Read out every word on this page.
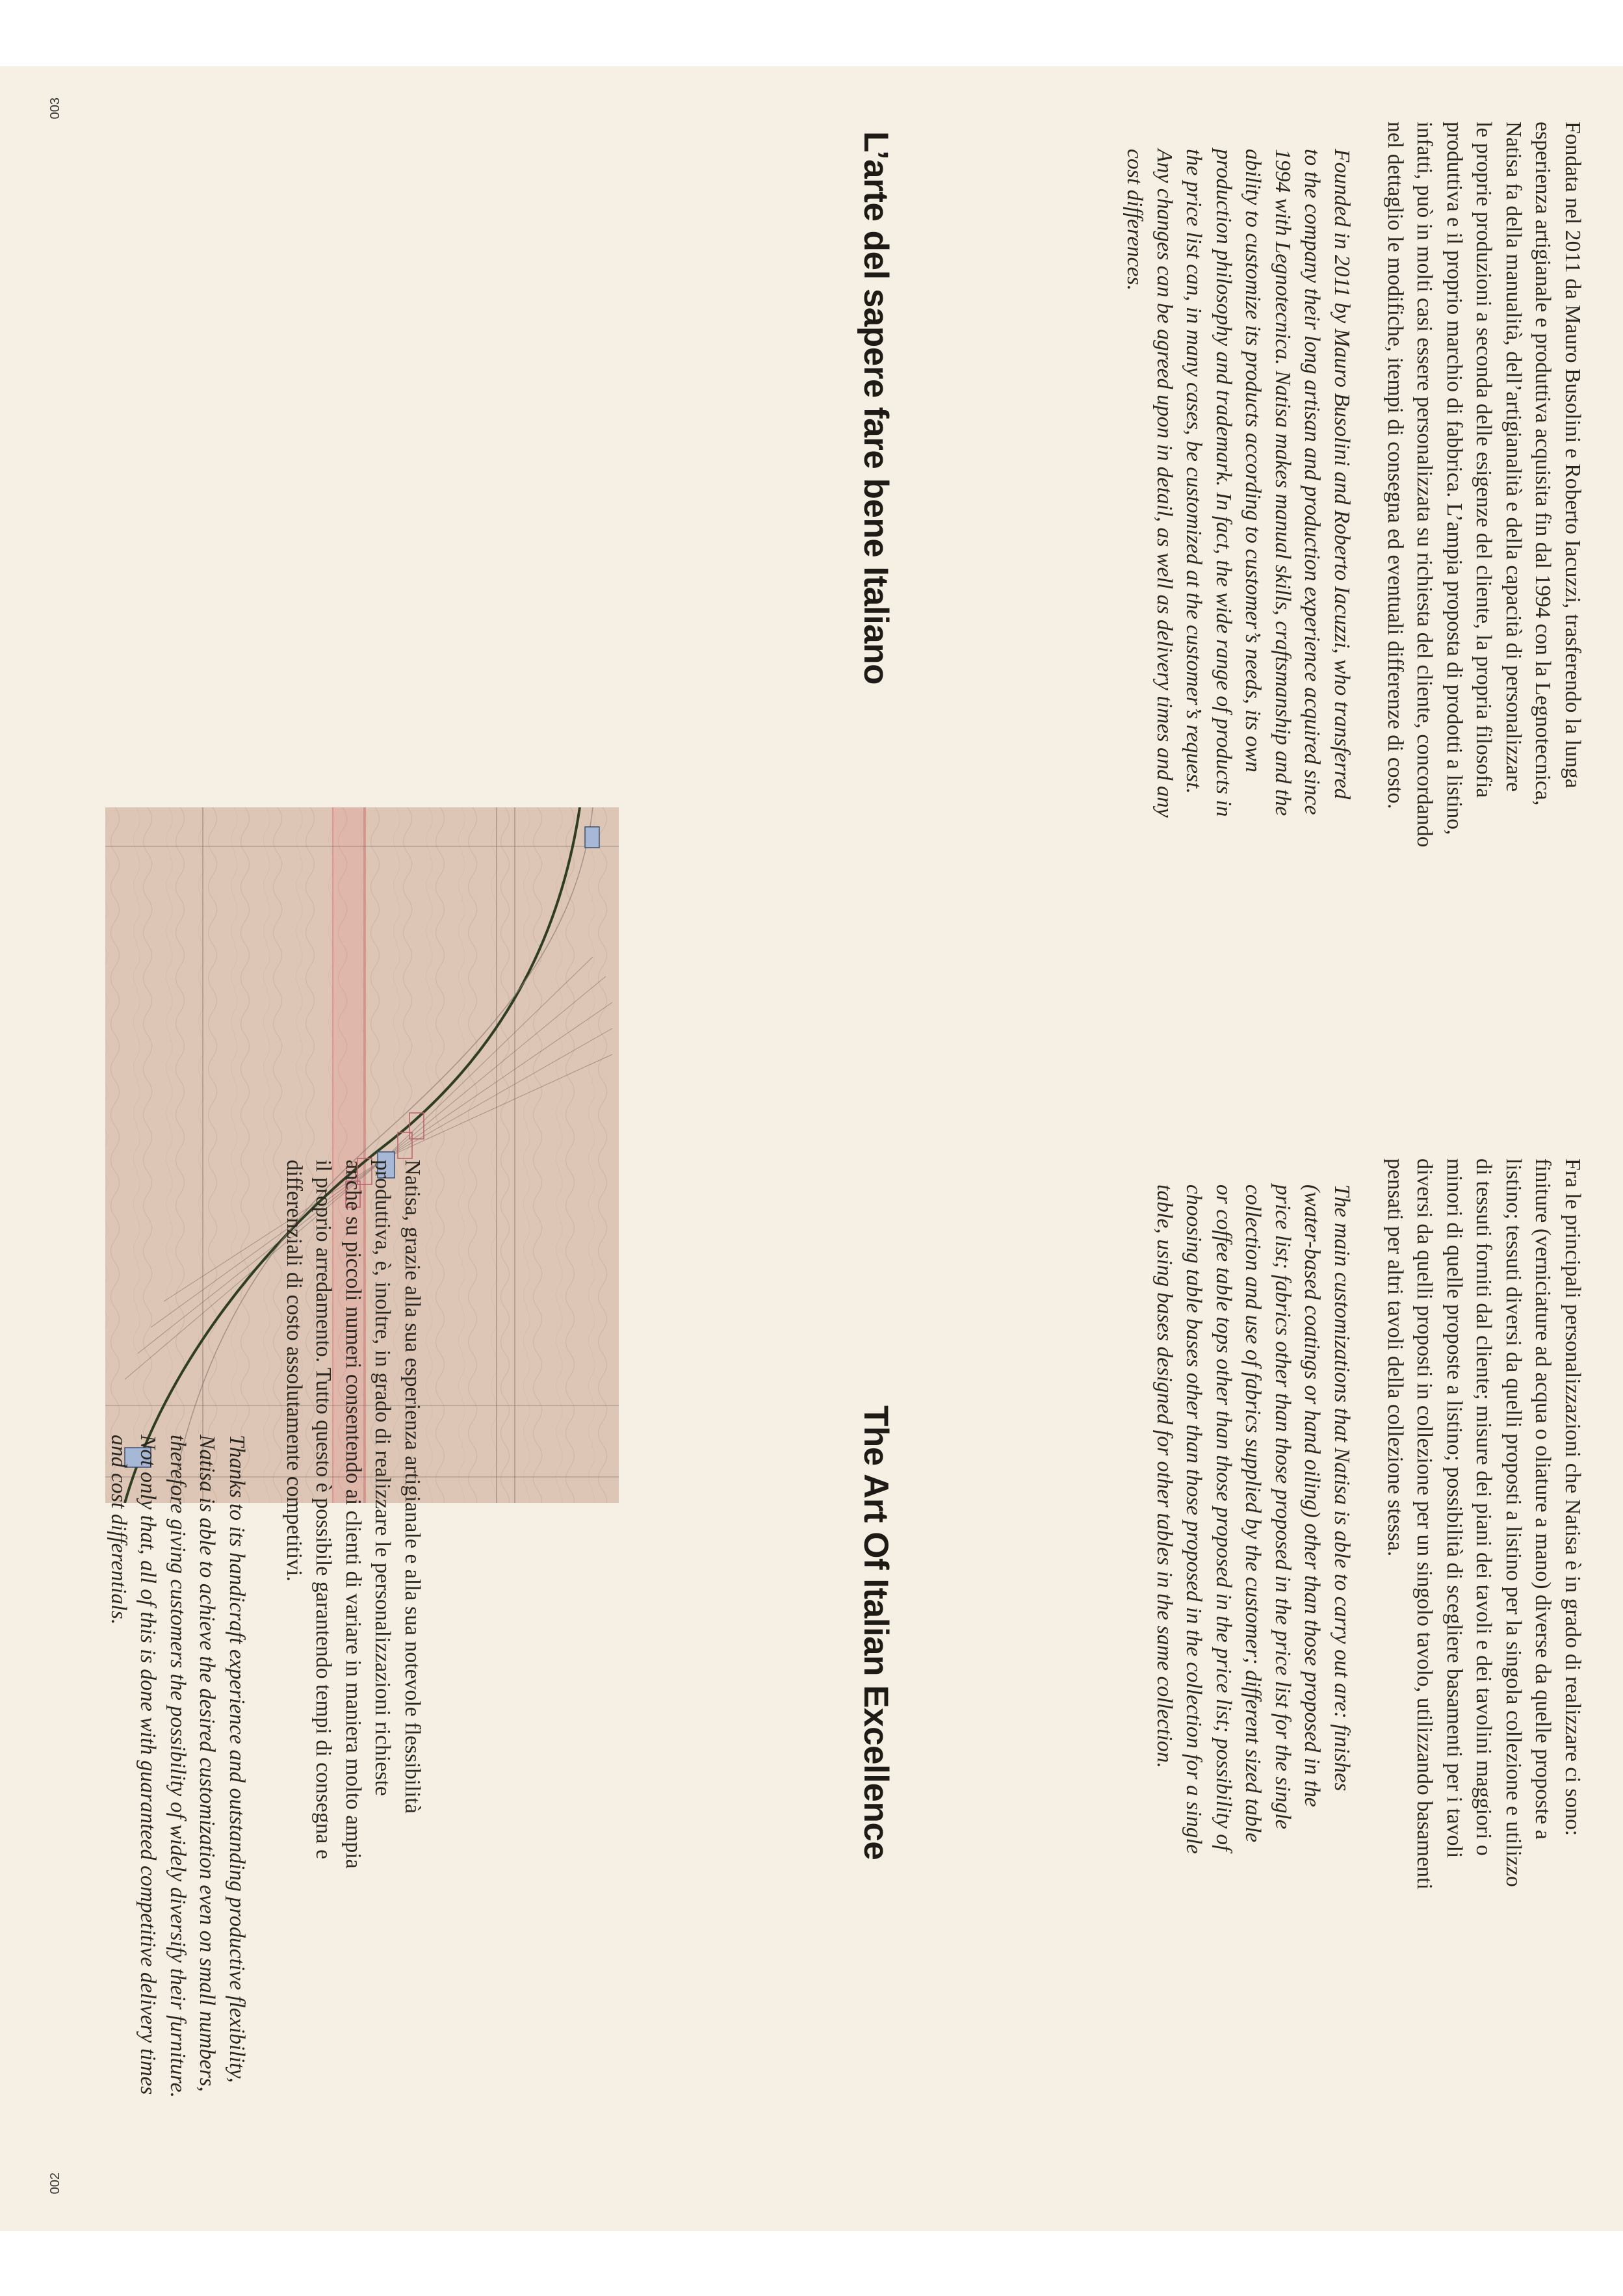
Fondata nel 2011 da Mauro Busolini e Roberto Iacuzzi, trasferendo la lunga
esperienza artigianale e produttiva acquisita fin dal 1994 con la Legnotecnica,
Natisa fa della manualità, dell’artigianalità e della capacità di personalizzare
le proprie produzioni a seconda delle esigenze del cliente, la propria filosofia
produttiva e il proprio marchio di fabbrica. L’ampia proposta di prodotti a listino,
infatti, può in molti casi essere personalizzata su richiesta del cliente, concordando
nel dettaglio le modifiche, itempi di consegna ed eventuali differenze di costo.

Founded in 2011 by Mauro Busolini and Roberto Iacuzzi, who transferred
to the company their long artisan and production experience acquired since
1994 with Legnotecnica. Natisa makes manual skills, craftsmanship and the
ability to customize its products according to customer’s needs, its own
production philosophy and trademark. In fact, the wide range of products in
the price list can, in many cases, be customized at the customer’s request.
Any changes can be agreed upon in detail, as well as delivery times and any
cost differences.

L’arte del sapere fare bene Italiano
002

Fra le principali personalizzazioni che Natisa è in grado di realizzare ci sono:
finiture (verniciature ad acqua o oliature a mano) diverse da quelle proposte a
listino; tessuti diversi da quelli proposti a listino per la singola collezione e utilizzo
di tessuti forniti dal cliente; misure dei piani dei tavoli e dei tavolini maggiori o
minori di quelle proposte a listino; possibilità di scegliere basamenti per i tavoli
diversi da quelli proposti in collezione per un singolo tavolo, utilizzando basamenti
pensati per altri tavoli della collezione stessa.

The main customizations that Natisa is able to carry out are: finishes
(water-based coatings or hand oiling) other than those proposed in the
price list; fabrics other than those proposed in the price list for the single
collection and use of fabrics supplied by the customer; different sized table
or coffee table tops other than those proposed in the price list; possibility of
choosing table bases other than those proposed in the collection for a single
table, using bases designed for other tables in the same collection.

The Art Of Italian Excellence

Natisa, grazie alla sua esperienza artigianale e alla sua notevole flessibilità
produttiva, è, inoltre, in grado di realizzare le personalizzazioni richieste
anche su piccoli numeri consentendo ai clienti di variare in maniera molto ampia
il proprio arredamento. Tutto questo è possibile garantendo tempi di consegna e
differenziali di costo assolutamente competitivi.

Thanks to its handicraft experience and outstanding productive flexibility,
Natisa is able to achieve the desired customization even on small numbers,
therefore giving customers the possibility of widely diversify their furniture.
Not only that, all of this is done with guaranteed competitive delivery times
and cost differentials.

003
